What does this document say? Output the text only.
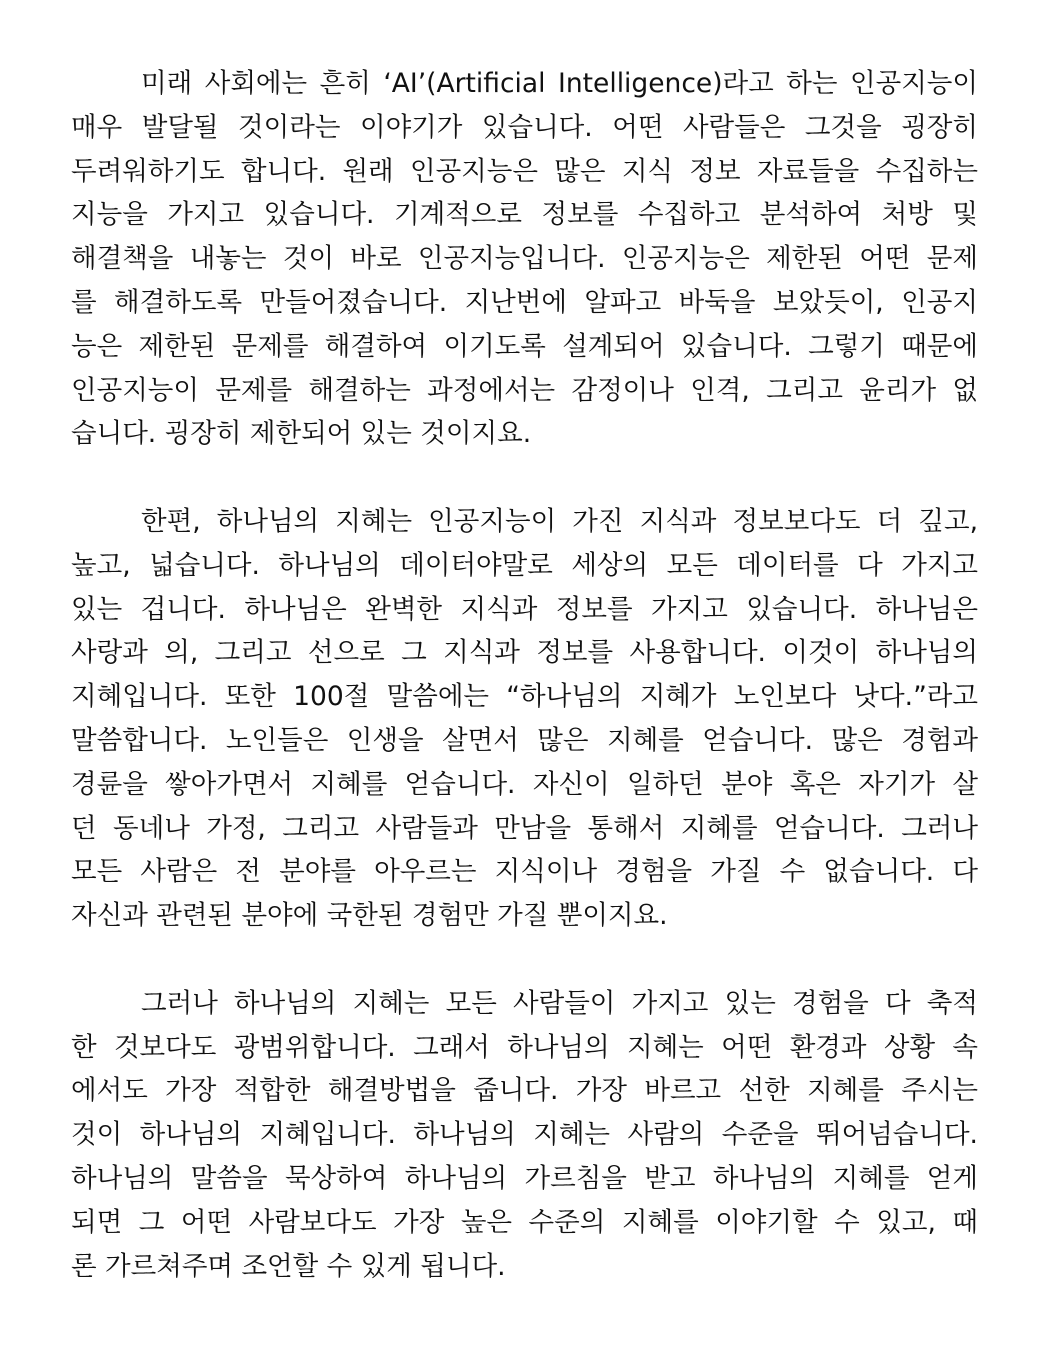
미래 사회에는 흔히 ‘AI’(Artificial Intelligence)라고 하는 인공지능이
매우 발달될 것이라는 이야기가 있습니다. 어떤 사람들은 그것을 굉장히
두려워하기도 합니다. 원래 인공지능은 많은 지식 정보 자료들을 수집하는
지능을 가지고 있습니다. 기계적으로 정보를 수집하고 분석하여 처방 및
해결책을 내놓는 것이 바로 인공지능입니다. 인공지능은 제한된 어떤 문제
를 해결하도록 만들어졌습니다. 지난번에 알파고 바둑을 보았듯이, 인공지
능은 제한된 문제를 해결하여 이기도록 설계되어 있습니다. 그렇기 때문에
인공지능이 문제를 해결하는 과정에서는 감정이나 인격, 그리고 윤리가 없
습니다. 굉장히 제한되어 있는 것이지요.

한편, 하나님의 지혜는 인공지능이 가진 지식과 정보보다도 더 깊고,
높고, 넓습니다. 하나님의 데이터야말로 세상의 모든 데이터를 다 가지고
있는 겁니다. 하나님은 완벽한 지식과 정보를 가지고 있습니다. 하나님은
사랑과 의, 그리고 선으로 그 지식과 정보를 사용합니다. 이것이 하나님의
지혜입니다. 또한 100절 말씀에는 “하나님의 지혜가 노인보다 낫다.”라고
말씀합니다. 노인들은 인생을 살면서 많은 지혜를 얻습니다. 많은 경험과
경륜을 쌓아가면서 지혜를 얻습니다. 자신이 일하던 분야 혹은 자기가 살
던 동네나 가정, 그리고 사람들과 만남을 통해서 지혜를 얻습니다. 그러나
모든 사람은 전 분야를 아우르는 지식이나 경험을 가질 수 없습니다. 다
자신과 관련된 분야에 국한된 경험만 가질 뿐이지요.

그러나 하나님의 지혜는 모든 사람들이 가지고 있는 경험을 다 축적
한 것보다도 광범위합니다. 그래서 하나님의 지혜는 어떤 환경과 상황 속
에서도 가장 적합한 해결방법을 줍니다. 가장 바르고 선한 지혜를 주시는
것이 하나님의 지혜입니다. 하나님의 지혜는 사람의 수준을 뛰어넘습니다.
하나님의 말씀을 묵상하여 하나님의 가르침을 받고 하나님의 지혜를 얻게
되면 그 어떤 사람보다도 가장 높은 수준의 지혜를 이야기할 수 있고, 때
론 가르쳐주며 조언할 수 있게 됩니다.
